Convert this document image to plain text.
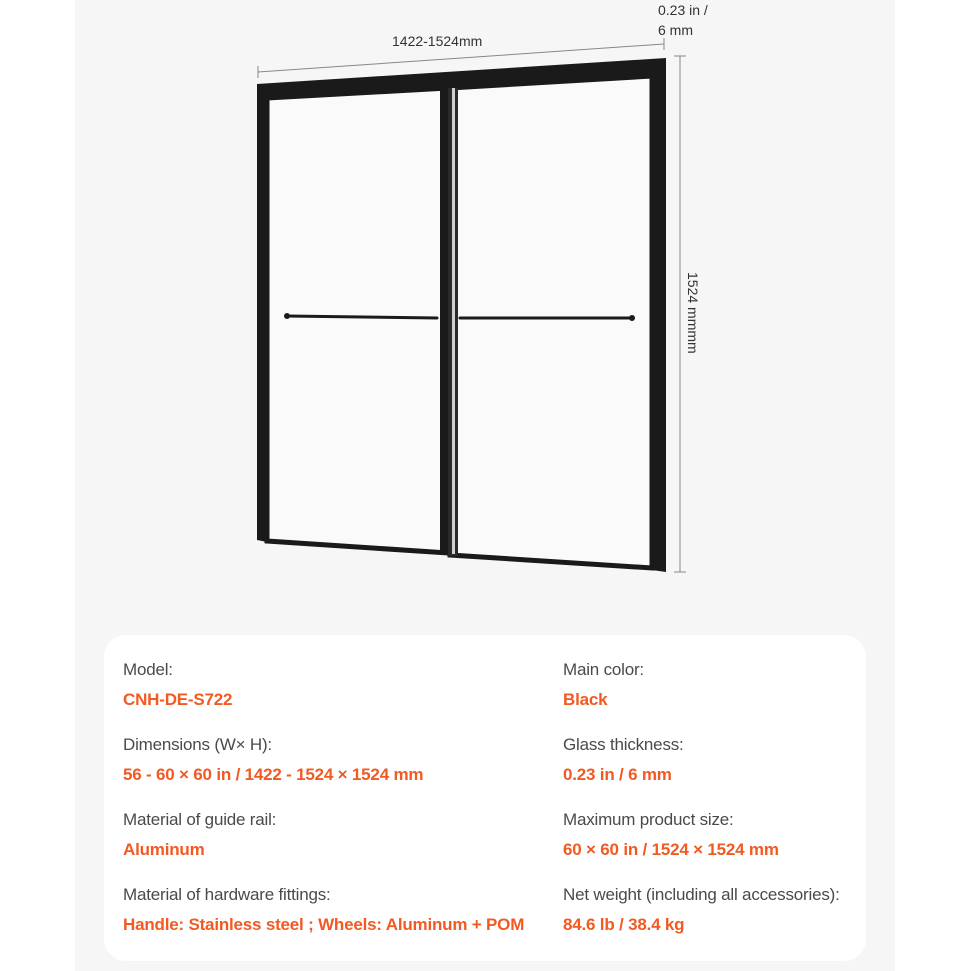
1422-1524mm
0.23 in /
6 mm
1524 mmmm
Model:
CNH-DE-S722
Main color:
Black
Dimensions (W× H):
56 - 60 × 60 in / 1422 - 1524 × 1524 mm
Glass thickness:
0.23 in / 6 mm
Material of guide rail:
Aluminum
Maximum product size:
60 × 60 in / 1524 × 1524 mm
Material of hardware fittings:
Handle: Stainless steel ; Wheels: Aluminum + POM
Net weight (including all accessories):
84.6 lb / 38.4 kg
